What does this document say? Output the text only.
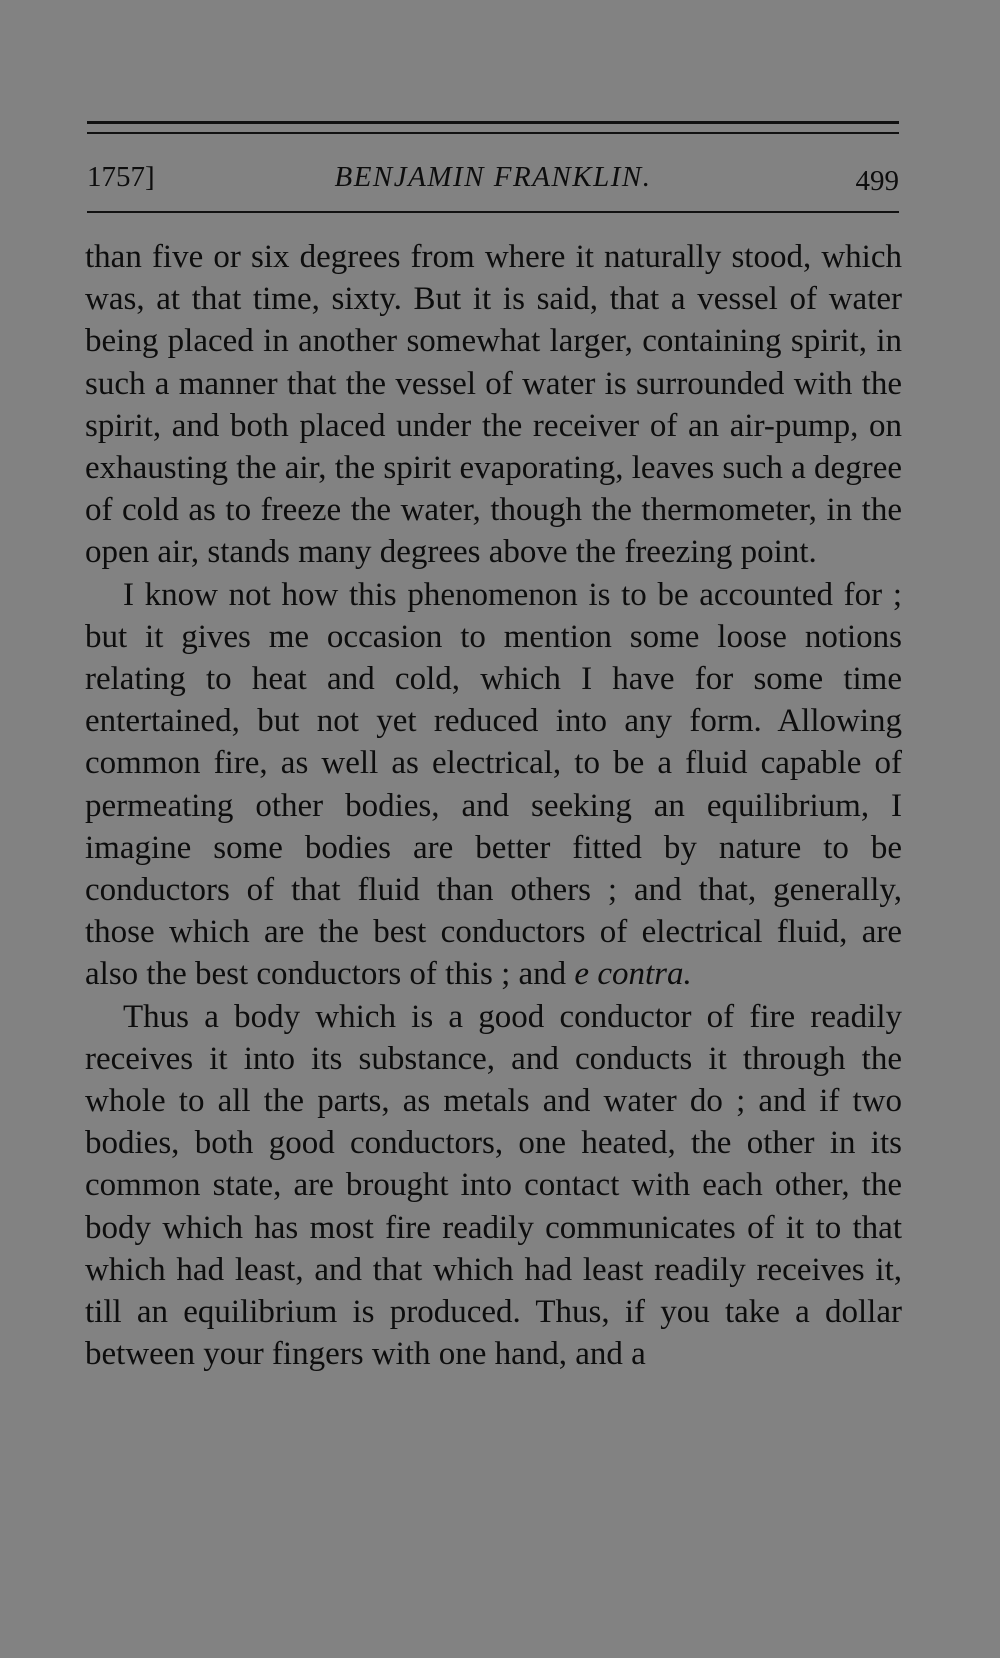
1757]	BENJAMIN FRANKLIN.	499

than five or six degrees from where it naturally stood, which was, at that time, sixty. But it is said, that a vessel of water being placed in another somewhat larger, containing spirit, in such a manner that the vessel of water is surrounded with the spirit, and both placed under the receiver of an air-pump, on exhausting the air, the spirit evaporating, leaves such a degree of cold as to freeze the water, though the thermometer, in the open air, stands many degrees above the freezing point.

I know not how this phenomenon is to be accounted for ; but it gives me occasion to mention some loose notions relating to heat and cold, which I have for some time entertained, but not yet reduced into any form. Allowing common fire, as well as electrical, to be a fluid capable of permeating other bodies, and seeking an equilibrium, I imagine some bodies are better fitted by nature to be conductors of that fluid than others ; and that, generally, those which are the best conductors of electrical fluid, are also the best conductors of this ; and e contra.

Thus a body which is a good conductor of fire readily receives it into its substance, and conducts it through the whole to all the parts, as metals and water do ; and if two bodies, both good conductors, one heated, the other in its common state, are brought into contact with each other, the body which has most fire readily communicates of it to that which had least, and that which had least readily receives it, till an equilibrium is produced. Thus, if you take a dollar between your fingers with one hand, and a
